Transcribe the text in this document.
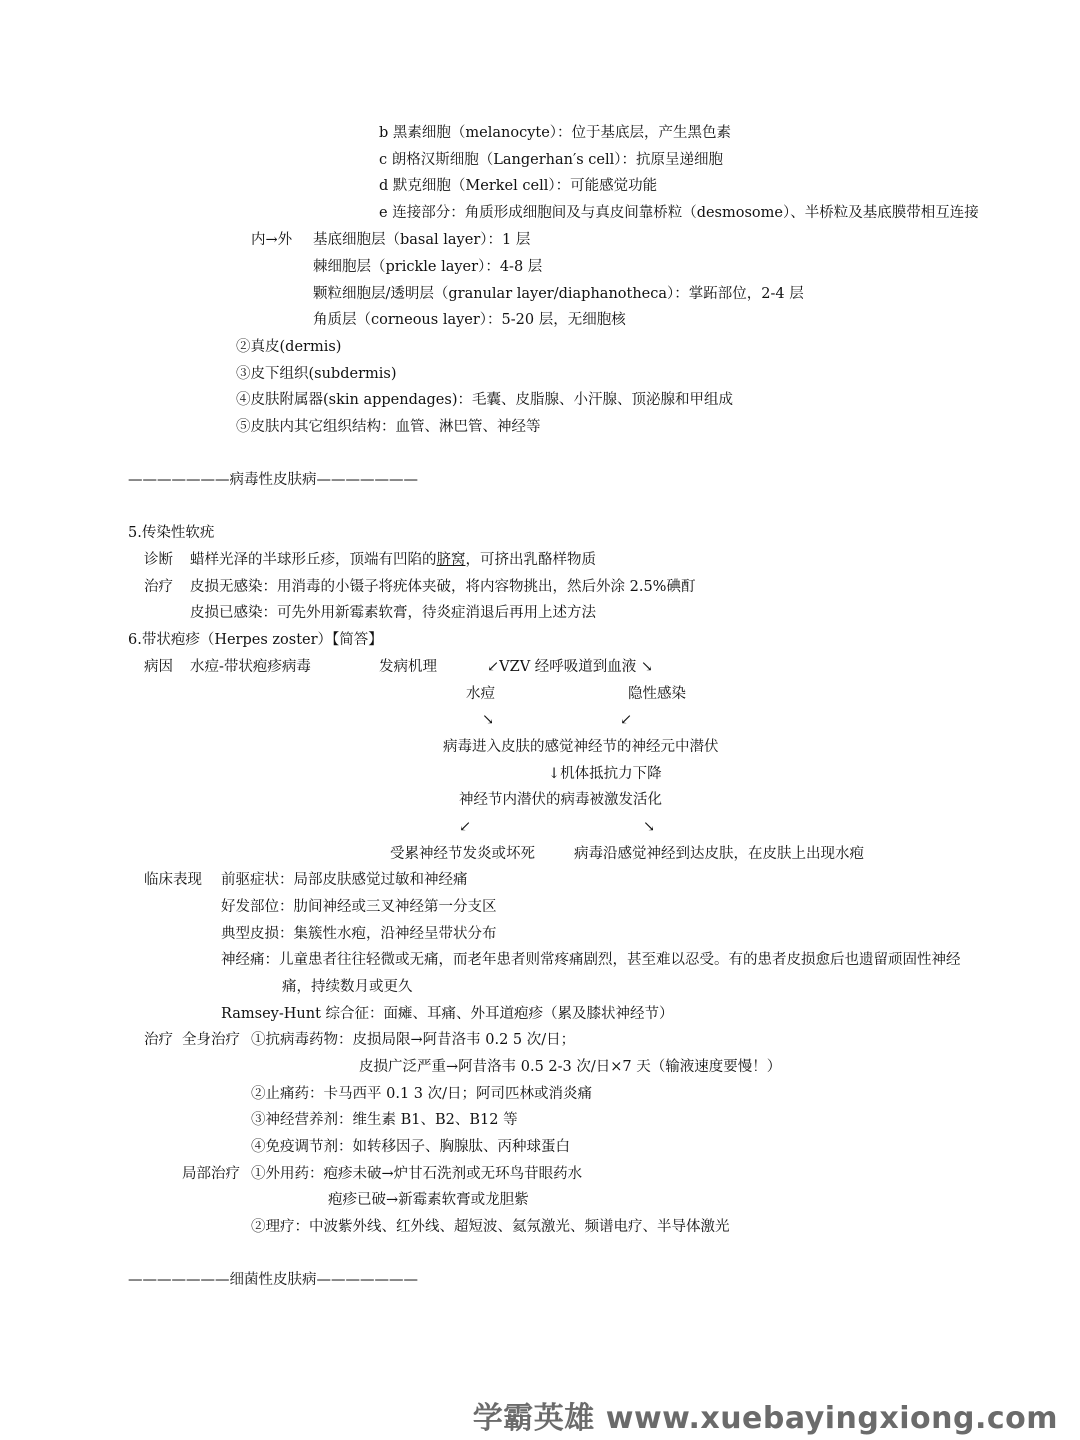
b 黑素细胞（melanocyte）：位于基底层，产生黑色素
c 朗格汉斯细胞（Langerhan′s cell）：抗原呈递细胞
d 默克细胞（Merkel cell）：可能感觉功能
e 连接部分：角质形成细胞间及与真皮间靠桥粒（desmosome）、半桥粒及基底膜带相互连接
内→外 基底细胞层（basal layer）：1 层
棘细胞层（prickle layer）：4-8 层
颗粒细胞层/透明层（granular layer/diaphanotheca）：掌跖部位，2-4 层
角质层（corneous layer）：5-20 层，无细胞核
②真皮(dermis)
③皮下组织(subdermis)
④皮肤附属器(skin appendages)：毛囊、皮脂腺、小汗腺、顶泌腺和甲组成
⑤皮肤内其它组织结构：血管、淋巴管、神经等
———————病毒性皮肤病———————
5.传染性软疣
诊断 蜡样光泽的半球形丘疹，顶端有凹陷的脐窝，可挤出乳酪样物质
治疗 皮损无感染：用消毒的小镊子将疣体夹破，将内容物挑出，然后外涂 2.5%碘酊
皮损已感染：可先外用新霉素软膏，待炎症消退后再用上述方法
6.带状疱疹（Herpes zoster）【简答】
病因 水痘-带状疱疹病毒	发病机理	↙VZV 经呼吸道到血液 ↘
水痘	隐性感染
↘	↙
病毒进入皮肤的感觉神经节的神经元中潜伏
↓机体抵抗力下降
神经节内潜伏的病毒被激发活化
↙	↘
受累神经节发炎或坏死	病毒沿感觉神经到达皮肤，在皮肤上出现水疱
临床表现 前驱症状：局部皮肤感觉过敏和神经痛
好发部位：肋间神经或三叉神经第一分支区
典型皮损：集簇性水疱，沿神经呈带状分布
神经痛：儿童患者往往轻微或无痛，而老年患者则常疼痛剧烈，甚至难以忍受。有的患者皮损愈后也遗留顽固性神经
痛，持续数月或更久
Ramsey-Hunt 综合征：面瘫、耳痛、外耳道疱疹（累及膝状神经节）
治疗 全身治疗 ①抗病毒药物：皮损局限→阿昔洛韦 0.2 5 次/日；
皮损广泛严重→阿昔洛韦 0.5 2-3 次/日×7 天（输液速度要慢！）
②止痛药：卡马西平 0.1 3 次/日；阿司匹林或消炎痛
③神经营养剂：维生素 B1、B2、B12 等
④免疫调节剂：如转移因子、胸腺肽、丙种球蛋白
局部治疗 ①外用药：疱疹未破→炉甘石洗剂或无环鸟苷眼药水
疱疹已破→新霉素软膏或龙胆紫
②理疗：中波紫外线、红外线、超短波、氦氖激光、频谱电疗、半导体激光
———————细菌性皮肤病———————
学霸英雄 www.xuebayingxiong.com
